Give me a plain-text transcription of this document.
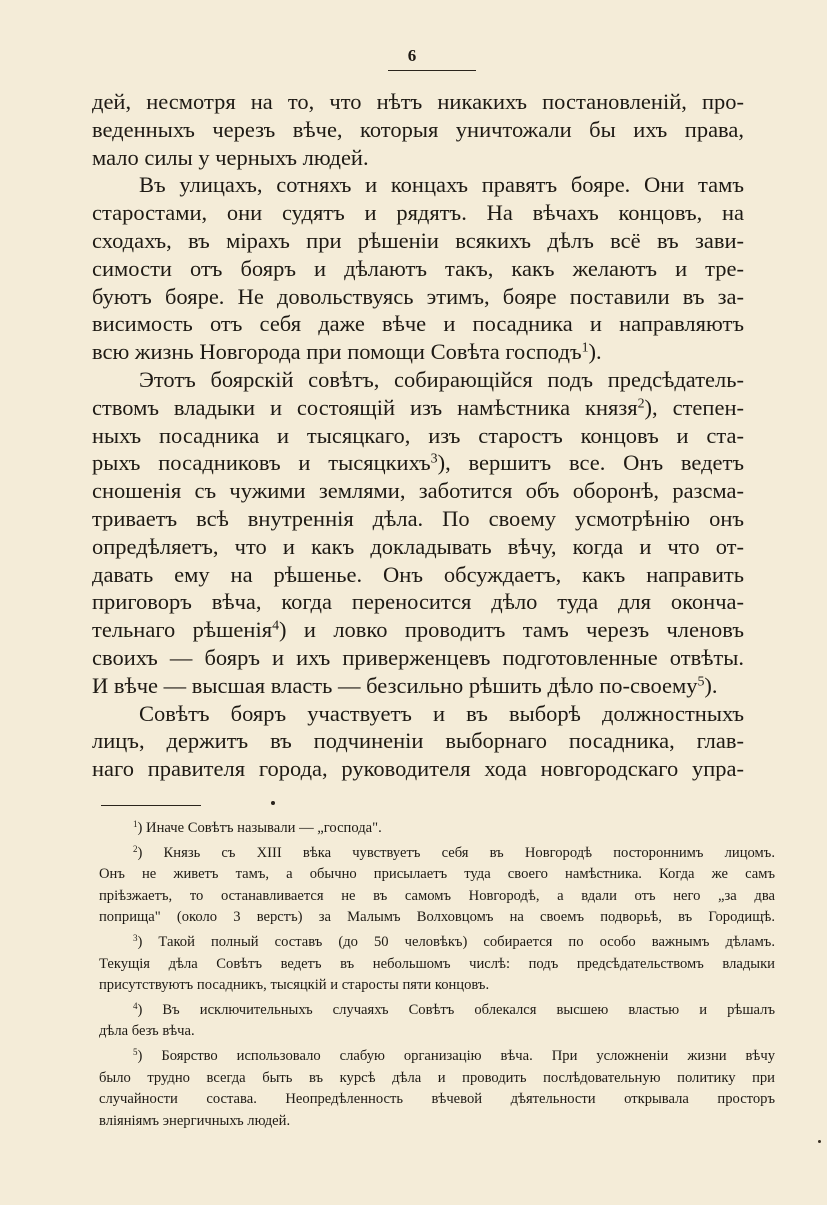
6
дей, несмотря на то, что нѣтъ никакихъ постановленій, про-
веденныхъ черезъ вѣче, которыя уничтожали бы ихъ права,
мало силы у черныхъ людей.
Въ улицахъ, сотняхъ и концахъ правятъ бояре. Они тамъ
старостами, они судятъ и рядятъ. На вѣчахъ концовъ, на
сходахъ, въ мірахъ при рѣшеніи всякихъ дѣлъ всё въ зави-
симости отъ бояръ и дѣлаютъ такъ, какъ желаютъ и тре-
буютъ бояре. Не довольствуясь этимъ, бояре поставили въ за-
висимость отъ себя даже вѣче и посадника и направляютъ
всю жизнь Новгорода при помощи Совѣта господъ$^1$).
Этотъ боярскій совѣтъ, собирающійся подъ предсѣдатель-
ствомъ владыки и состоящій изъ намѣстника князя$^2$), степен-
ныхъ посадника и тысяцкаго, изъ старостъ концовъ и ста-
рыхъ посадниковъ и тысяцкихъ$^3$), вершитъ все. Онъ ведетъ
сношенія съ чужими землями, заботится объ оборонѣ, разсма-
триваетъ всѣ внутреннія дѣла. По своему усмотрѣнію онъ
опредѣляетъ, что и какъ докладывать вѣчу, когда и что от-
давать ему на рѣшенье. Онъ обсуждаетъ, какъ направить
приговоръ вѣча, когда переносится дѣло туда для оконча-
тельнаго рѣшенія$^4$) и ловко проводитъ тамъ черезъ членовъ
своихъ — бояръ и ихъ приверженцевъ подготовленные отвѣты.
И вѣче — высшая власть — безсильно рѣшить дѣло по-своему$^5$).
Совѣтъ бояръ участвуетъ и въ выборѣ должностныхъ
лицъ, держитъ въ подчиненіи выборнаго посадника, глав-
наго правителя города, руководителя хода новгородскаго упра-
$^1$) Иначе Совѣтъ называли — „господа".
$^2$) Князь съ XIII вѣка чувствуетъ себя въ Новгородѣ постороннимъ лицомъ.
Онъ не живетъ тамъ, а обычно присылаетъ туда своего намѣстника. Когда же самъ
пріѣзжаетъ, то останавливается не въ самомъ Новгородѣ, а вдали отъ него „за два
поприща" (около 3 верстъ) за Малымъ Волховцомъ на своемъ подворьѣ, въ Городищѣ.
$^3$) Такой полный составъ (до 50 человѣкъ) собирается по особо важнымъ дѣламъ.
Текущія дѣла Совѣтъ ведетъ въ небольшомъ числѣ: подъ предсѣдательствомъ владыки
присутствуютъ посадникъ, тысяцкій и старосты пяти концовъ.
$^4$) Въ исключительныхъ случаяхъ Совѣтъ облекался высшею властью и рѣшалъ
дѣла безъ вѣча.
$^5$) Боярство использовало слабую организацію вѣча. При усложненіи жизни вѣчу
было трудно всегда быть въ курсѣ дѣла и проводить послѣдовательную политику при
случайности состава. Неопредѣленность вѣчевой дѣятельности открывала просторъ
вліяніямъ энергичныхъ людей.
